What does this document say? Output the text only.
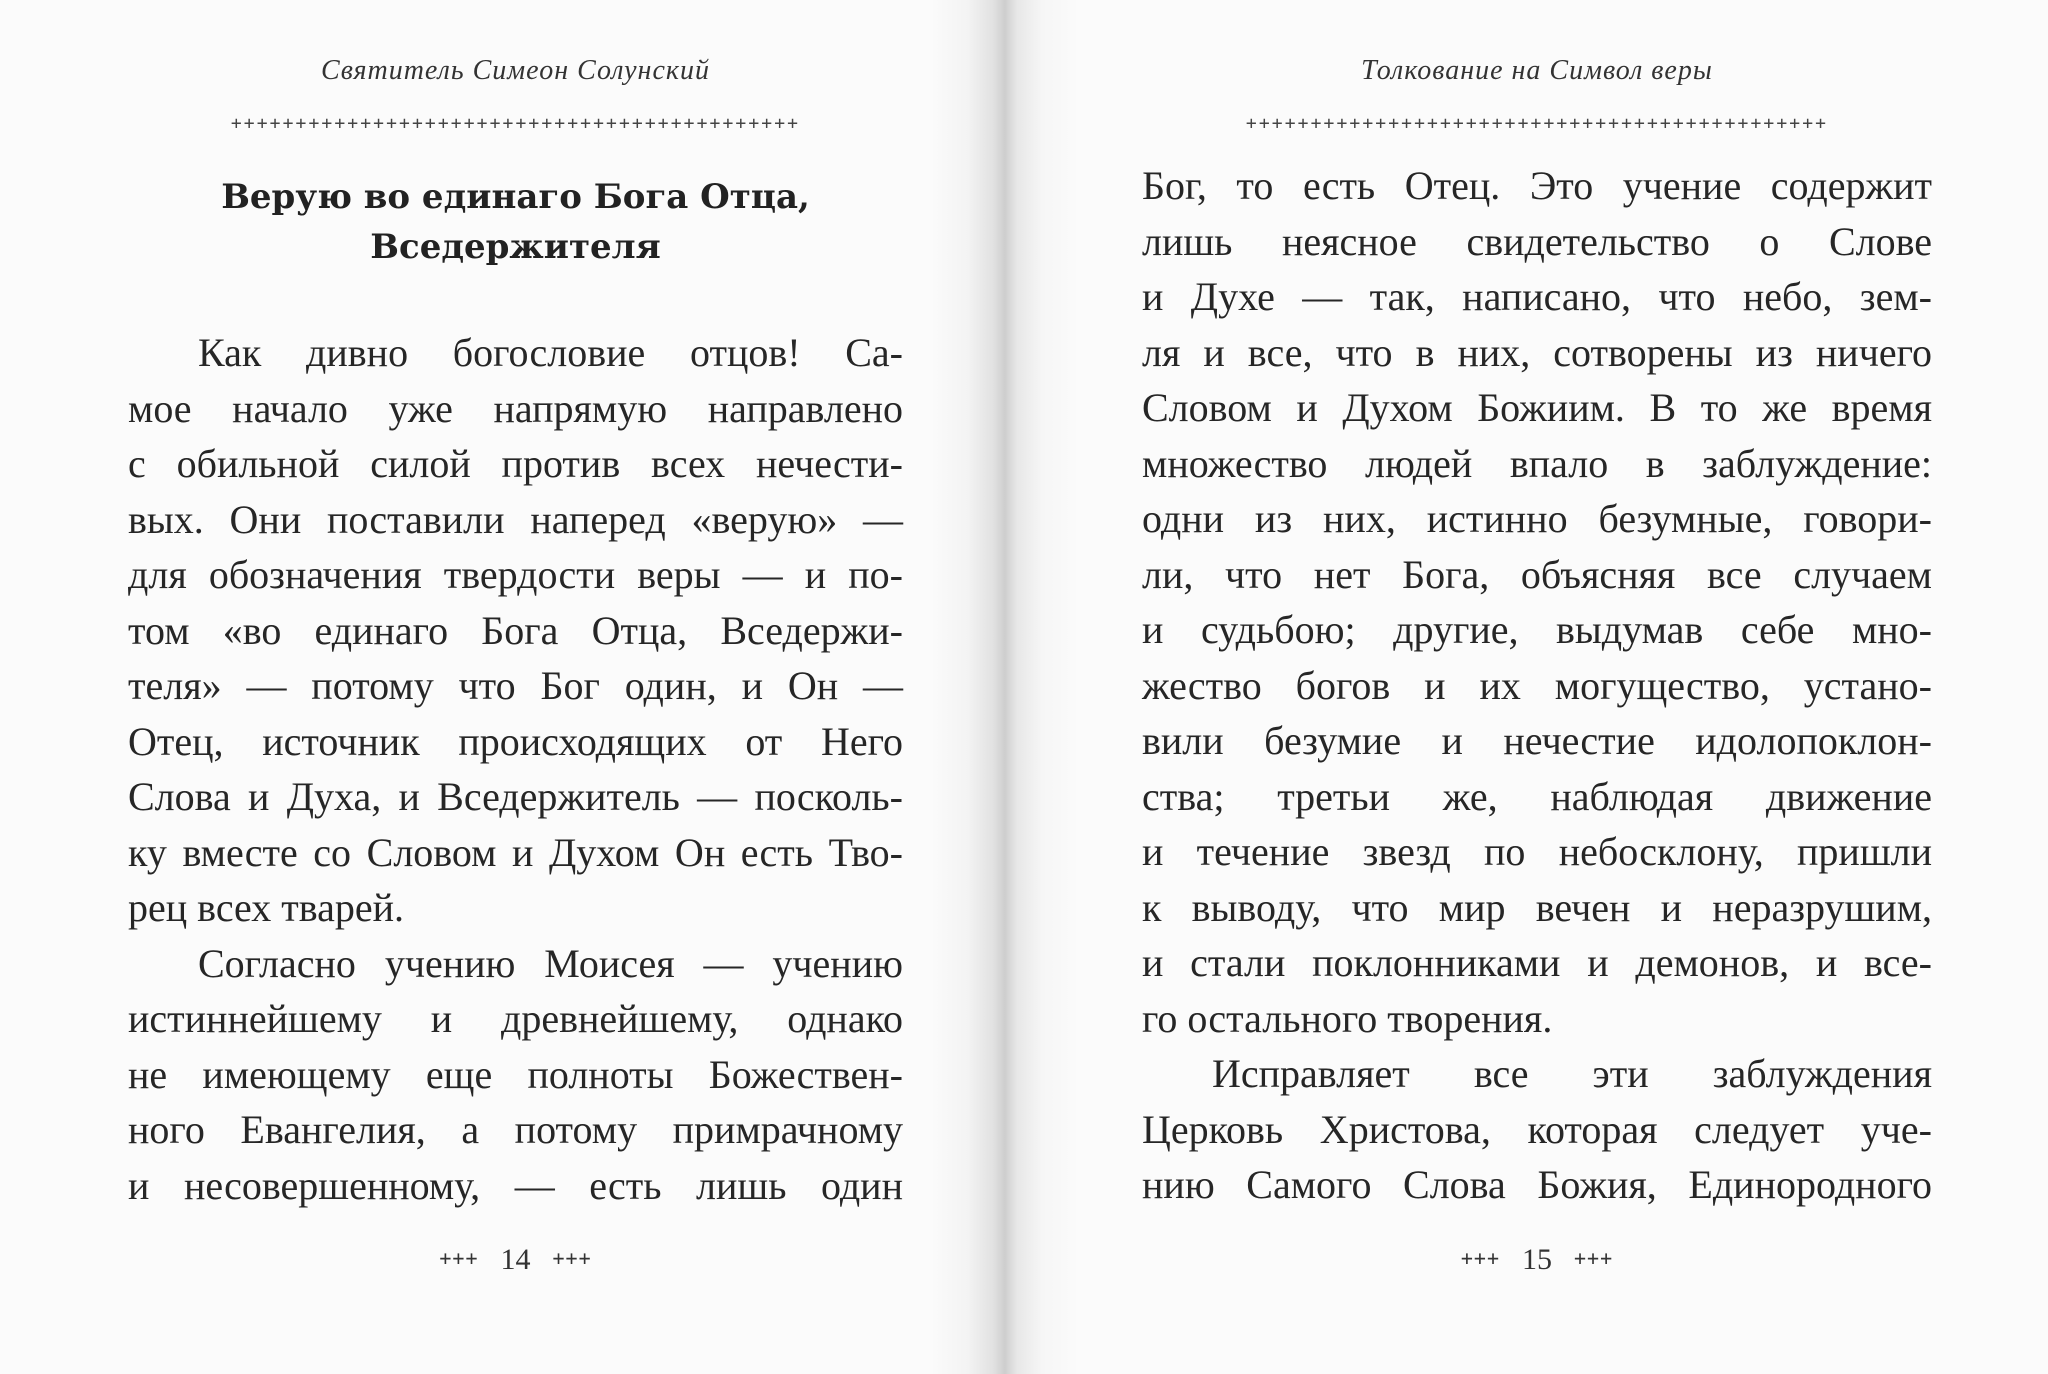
Святитель Симеон Солунский
++++++++++++++++++++++++++++++++++++++++++++
Верую во единаго Бога Отца,
Вседержителя
Как дивно богословие отцов! Са-
мое начало уже напрямую направлено
с обильной силой против всех нечести-
вых. Они поставили наперед «верую» —
для обозначения твердости веры — и по-
том «во единаго Бога Отца, Вседержи-
теля» — потому что Бог один, и Он —
Отец, источник происходящих от Него
Слова и Духа, и Вседержитель — посколь-
ку вместе со Словом и Духом Он есть Тво-
рец всех тварей.
Согласно учению Моисея — учению
истиннейшему и древнейшему, однако
не имеющему еще полноты Божествен-
ного Евангелия, а потому примрачному
и несовершенному, — есть лишь один
+++ 14 +++
Толкование на Символ веры
+++++++++++++++++++++++++++++++++++++++++++++
Бог, то есть Отец. Это учение содержит
лишь неясное свидетельство о Слове
и Духе — так, написано, что небо, зем-
ля и все, что в них, сотворены из ничего
Словом и Духом Божиим. В то же время
множество людей впало в заблуждение:
одни из них, истинно безумные, говори-
ли, что нет Бога, объясняя все случаем
и судьбою; другие, выдумав себе мно-
жество богов и их могущество, устано-
вили безумие и нечестие идолопоклон-
ства; третьи же, наблюдая движение
и течение звезд по небосклону, пришли
к выводу, что мир вечен и неразрушим,
и стали поклонниками и демонов, и все-
го остального творения.
Исправляет все эти заблуждения
Церковь Христова, которая следует уче-
нию Самого Слова Божия, Единородного
+++ 15 +++
